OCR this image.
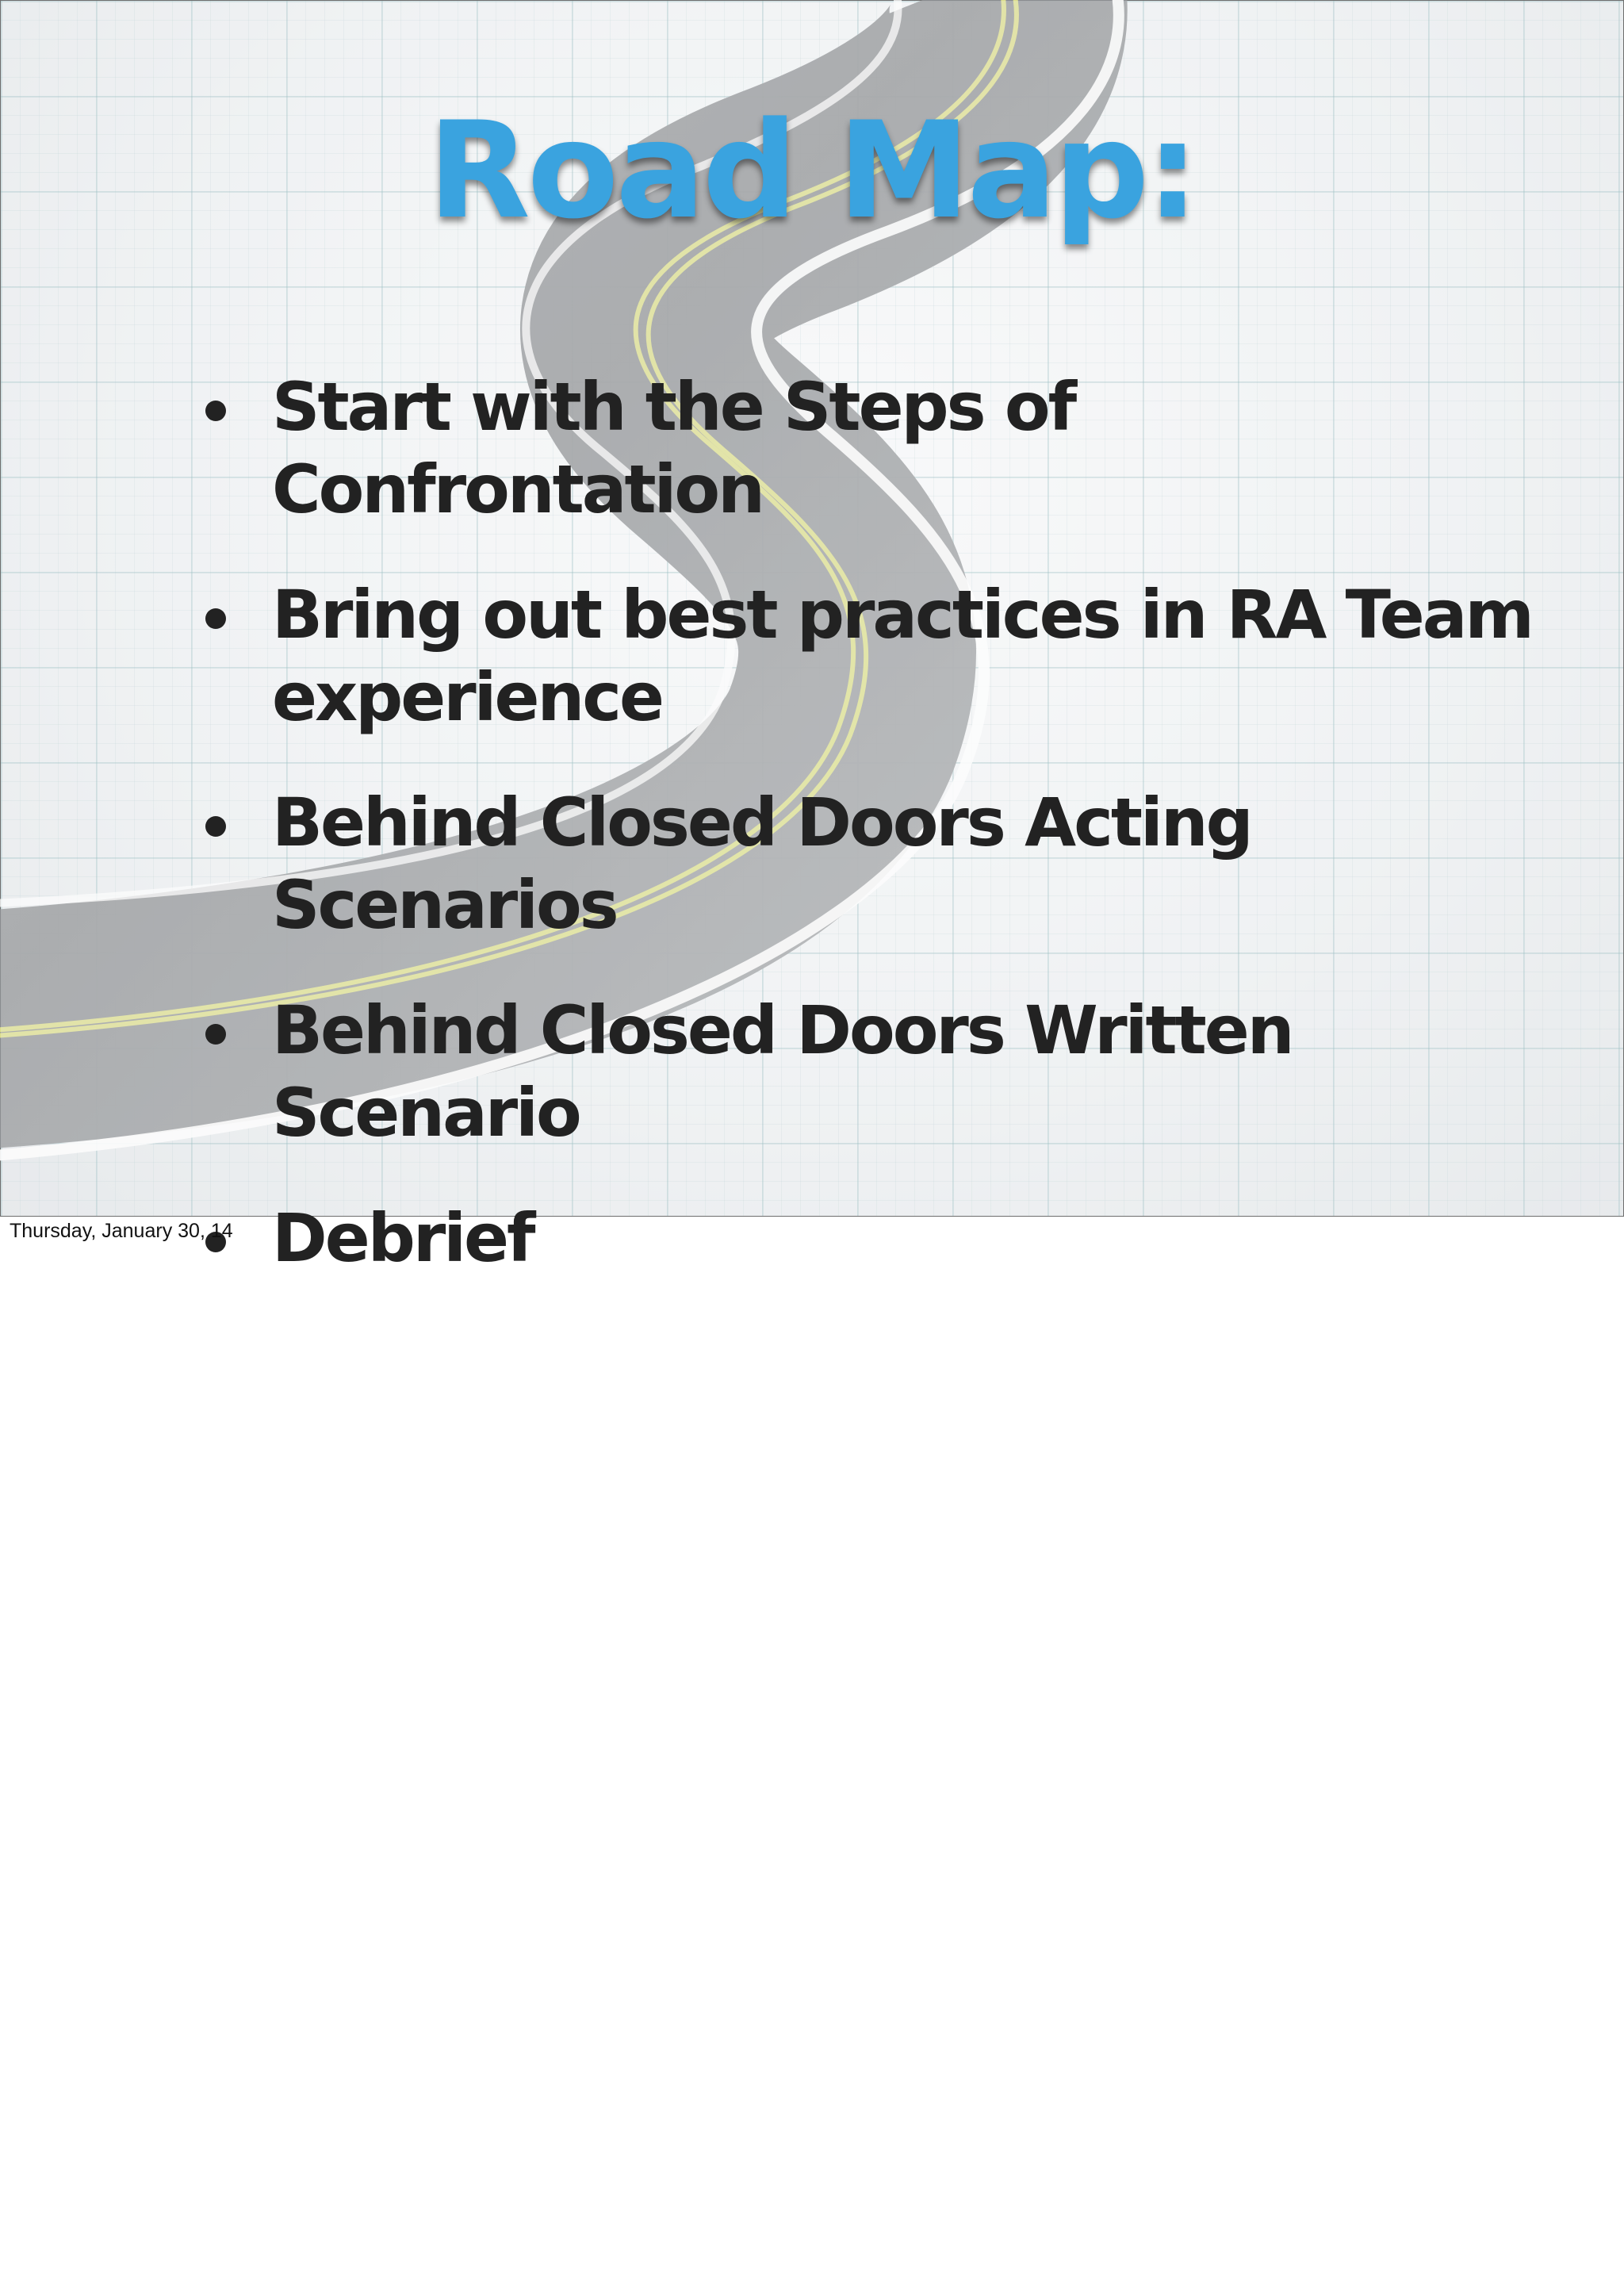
Road Map:
Start with the Steps of Confrontation
Bring out best practices in RA Team experience
Behind Closed Doors Acting Scenarios
Behind Closed Doors Written Scenario
Debrief
Thursday, January 30, 14
